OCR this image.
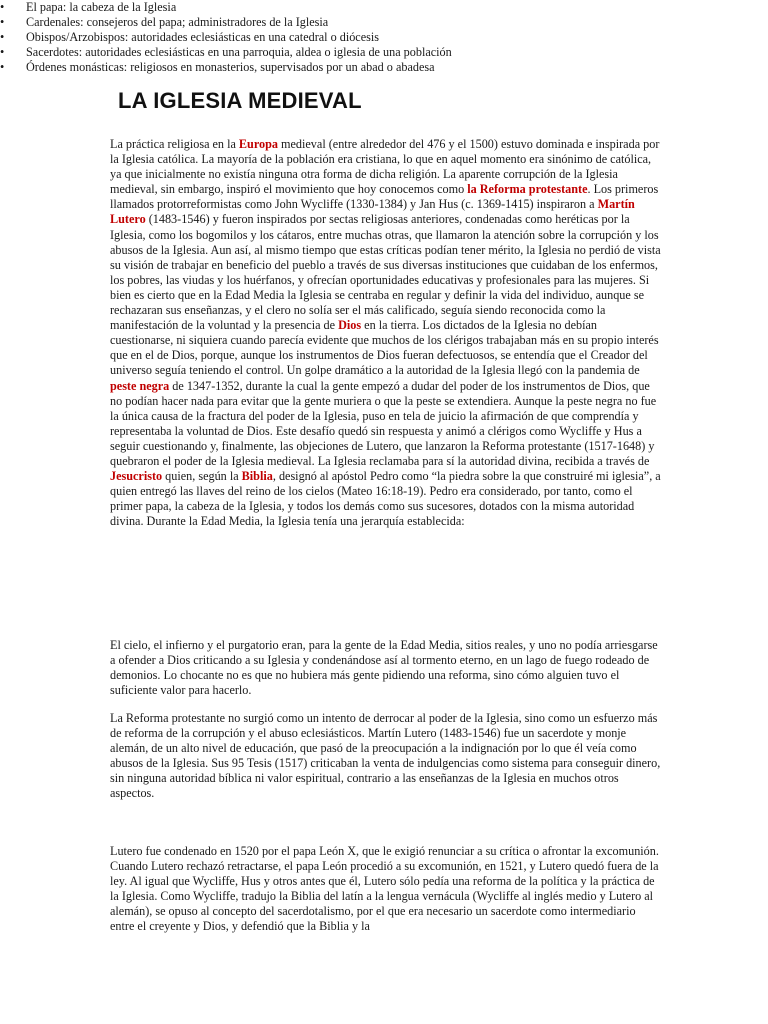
LA IGLESIA MEDIEVAL

La práctica religiosa en la Europa medieval (entre alrededor del 476 y el 1500) estuvo dominada e inspirada por la Iglesia católica. La mayoría de la población era cristiana, lo que en aquel momento era sinónimo de católica, ya que inicialmente no existía ninguna otra forma de dicha religión. La aparente corrupción de la Iglesia medieval, sin embargo, inspiró el movimiento que hoy conocemos como la Reforma protestante. Los primeros llamados protorreformistas como John Wycliffe (1330-1384) y Jan Hus (c. 1369-1415) inspiraron a Martín Lutero (1483-1546) y fueron inspirados por sectas religiosas anteriores, condenadas como heréticas por la Iglesia, como los bogomilos y los cátaros, entre muchas otras, que llamaron la atención sobre la corrupción y los abusos de la Iglesia. Aun así, al mismo tiempo que estas críticas podían tener mérito, la Iglesia no perdió de vista su visión de trabajar en beneficio del pueblo a través de sus diversas instituciones que cuidaban de los enfermos, los pobres, las viudas y los huérfanos, y ofrecían oportunidades educativas y profesionales para las mujeres. Si bien es cierto que en la Edad Media la Iglesia se centraba en regular y definir la vida del individuo, aunque se rechazaran sus enseñanzas, y el clero no solía ser el más calificado, seguía siendo reconocida como la manifestación de la voluntad y la presencia de Dios en la tierra. Los dictados de la Iglesia no debían cuestionarse, ni siquiera cuando parecía evidente que muchos de los clérigos trabajaban más en su propio interés que en el de Dios, porque, aunque los instrumentos de Dios fueran defectuosos, se entendía que el Creador del universo seguía teniendo el control. Un golpe dramático a la autoridad de la Iglesia llegó con la pandemia de peste negra de 1347-1352, durante la cual la gente empezó a dudar del poder de los instrumentos de Dios, que no podían hacer nada para evitar que la gente muriera o que la peste se extendiera. Aunque la peste negra no fue la única causa de la fractura del poder de la Iglesia, puso en tela de juicio la afirmación de que comprendía y representaba la voluntad de Dios. Este desafío quedó sin respuesta y animó a clérigos como Wycliffe y Hus a seguir cuestionando y, finalmente, las objeciones de Lutero, que lanzaron la Reforma protestante (1517-1648) y quebraron el poder de la Iglesia medieval. La Iglesia reclamaba para sí la autoridad divina, recibida a través de Jesucristo quien, según la Biblia, designó al apóstol Pedro como “la piedra sobre la que construiré mi iglesia”, a quien entregó las llaves del reino de los cielos (Mateo 16:18-19). Pedro era considerado, por tanto, como el primer papa, la cabeza de la Iglesia, y todos los demás como sus sucesores, dotados con la misma autoridad divina. Durante la Edad Media, la Iglesia tenía una jerarquía establecida:

• El papa: la cabeza de la Iglesia
• Cardenales: consejeros del papa; administradores de la Iglesia
• Obispos/Arzobispos: autoridades eclesiásticas en una catedral o diócesis
• Sacerdotes: autoridades eclesiásticas en una parroquia, aldea o iglesia de una población
• Órdenes monásticas: religiosos en monasterios, supervisados por un abad o abadesa

El cielo, el infierno y el purgatorio eran, para la gente de la Edad Media, sitios reales, y uno no podía arriesgarse a ofender a Dios criticando a su Iglesia y condenándose así al tormento eterno, en un lago de fuego rodeado de demonios. Lo chocante no es que no hubiera más gente pidiendo una reforma, sino cómo alguien tuvo el suficiente valor para hacerlo.

La Reforma protestante no surgió como un intento de derrocar al poder de la Iglesia, sino como un esfuerzo más de reforma de la corrupción y el abuso eclesiásticos. Martín Lutero (1483-1546) fue un sacerdote y monje alemán, de un alto nivel de educación, que pasó de la preocupación a la indignación por lo que él veía como abusos de la Iglesia. Sus 95 Tesis (1517) criticaban la venta de indulgencias como sistema para conseguir dinero, sin ninguna autoridad bíblica ni valor espiritual, contrario a las enseñanzas de la Iglesia en muchos otros aspectos.

Lutero fue condenado en 1520 por el papa León X, que le exigió renunciar a su crítica o afrontar la excomunión. Cuando Lutero rechazó retractarse, el papa León procedió a su excomunión, en 1521, y Lutero quedó fuera de la ley. Al igual que Wycliffe, Hus y otros antes que él, Lutero sólo pedía una reforma de la política y la práctica de la Iglesia. Como Wycliffe, tradujo la Biblia del latín a la lengua vernácula (Wycliffe al inglés medio y Lutero al alemán), se opuso al concepto del sacerdotalismo, por el que era necesario un sacerdote como intermediario entre el creyente y Dios, y defendió que la Biblia y la
